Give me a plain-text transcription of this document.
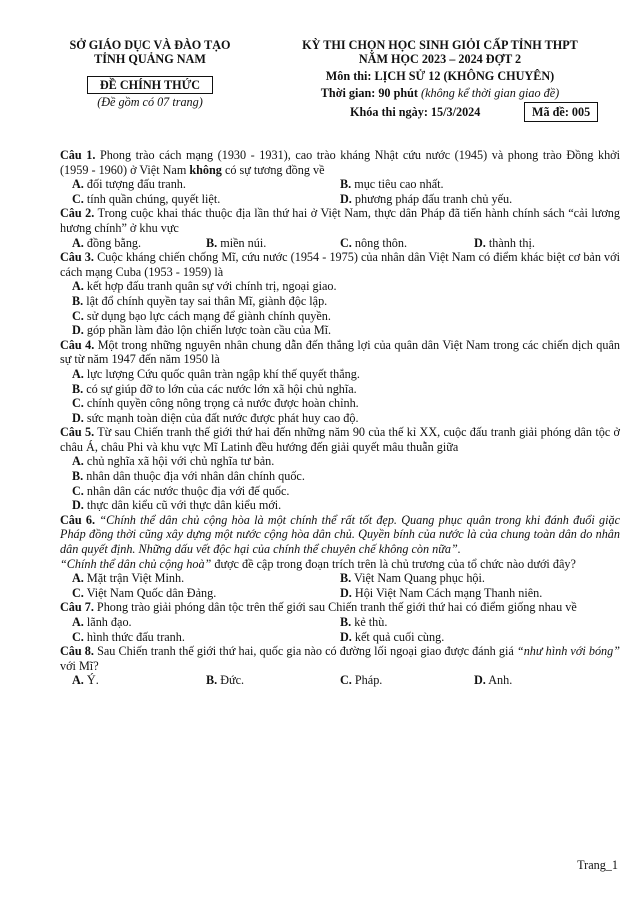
SỞ GIÁO DỤC VÀ ĐÀO TẠO
TỈNH QUẢNG NAM
ĐỀ CHÍNH THỨC
(Đề gồm có 07 trang)
KỲ THI CHỌN HỌC SINH GIỎI CẤP TỈNH THPT
NĂM HỌC 2023 – 2024 ĐỢT 2
Môn thi: LỊCH SỬ 12 (KHÔNG CHUYÊN)
Thời gian: 90 phút (không kể thời gian giao đề)
Khóa thi ngày: 15/3/2024	Mã đề: 005
Câu 1. Phong trào cách mạng (1930 - 1931), cao trào kháng Nhật cứu nước (1945) và phong trào Đồng khởi (1959 - 1960) ở Việt Nam không có sự tương đồng về
A. đối tượng đấu tranh.	B. mục tiêu cao nhất.
C. tính quần chúng, quyết liệt.	D. phương pháp đấu tranh chủ yếu.
Câu 2. Trong cuộc khai thác thuộc địa lần thứ hai ở Việt Nam, thực dân Pháp đã tiến hành chính sách “cải lương hương chính” ở khu vực
A. đồng bằng.	B. miền núi.	C. nông thôn.	D. thành thị.
Câu 3. Cuộc kháng chiến chống Mĩ, cứu nước (1954 - 1975) của nhân dân Việt Nam có điểm khác biệt cơ bản với cách mạng Cuba (1953 - 1959) là
A. kết hợp đấu tranh quân sự với chính trị, ngoại giao.
B. lật đổ chính quyền tay sai thân Mĩ, giành độc lập.
C. sử dụng bạo lực cách mạng để giành chính quyền.
D. góp phần làm đảo lộn chiến lược toàn cầu của Mĩ.
Câu 4. Một trong những nguyên nhân chung dẫn đến thắng lợi của quân dân Việt Nam trong các chiến dịch quân sự từ năm 1947 đến năm 1950 là
A. lực lượng Cứu quốc quân tràn ngập khí thế quyết thắng.
B. có sự giúp đỡ to lớn của các nước lớn xã hội chủ nghĩa.
C. chính quyền công nông trọng cả nước được hoàn chỉnh.
D. sức mạnh toàn diện của đất nước được phát huy cao độ.
Câu 5. Từ sau Chiến tranh thế giới thứ hai đến những năm 90 của thế kỉ XX, cuộc đấu tranh giải phóng dân tộc ở châu Á, châu Phi và khu vực Mĩ Latinh đều hướng đến giải quyết mâu thuẫn giữa
A. chủ nghĩa xã hội với chủ nghĩa tư bản.
B. nhân dân thuộc địa với nhân dân chính quốc.
C. nhân dân các nước thuộc địa với đế quốc.
D. thực dân kiểu cũ với thực dân kiểu mới.
Câu 6. “Chính thể dân chủ cộng hòa là một chính thể rất tốt đẹp. Quang phục quân trong khi đánh đuổi giặc Pháp đồng thời cũng xây dựng một nước cộng hòa dân chủ. Quyền bính của nước là của chung toàn dân do nhân dân quyết định. Những dấu vết độc hại của chính thể chuyên chế không còn nữa”.
“Chính thể dân chủ cộng hoà” được đề cập trong đoạn trích trên là chủ trương của tổ chức nào dưới đây?
A. Mặt trận Việt Minh.	B. Việt Nam Quang phục hội.
C. Việt Nam Quốc dân Đảng.	D. Hội Việt Nam Cách mạng Thanh niên.
Câu 7. Phong trào giải phóng dân tộc trên thế giới sau Chiến tranh thế giới thứ hai có điểm giống nhau về
A. lãnh đạo.	B. kẻ thù.
C. hình thức đấu tranh.	D. kết quả cuối cùng.
Câu 8. Sau Chiến tranh thế giới thứ hai, quốc gia nào có đường lối ngoại giao được đánh giá “như hình với bóng” với Mĩ?
A. Ý.	B. Đức.	C. Pháp.	D. Anh.
Trang_1
